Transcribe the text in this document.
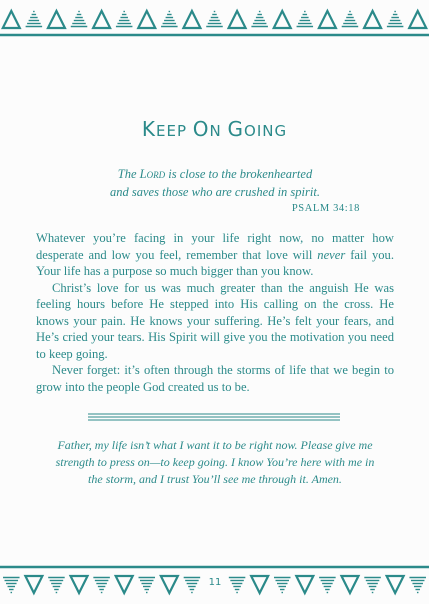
KEEP ON GOING
The Lord is close to the brokenhearted
and saves those who are crushed in spirit.
PSALM 34:18

Whatever you’re facing in your life right now, no matter how desperate and low you feel, remember that love will never fail you. Your life has a purpose so much bigger than you know.

Christ’s love for us was much greater than the anguish He was feeling hours before He stepped into His calling on the cross. He knows your pain. He knows your suffering. He’s felt your fears, and He’s cried your tears. His Spirit will give you the motivation you need to keep going.

Never forget: it’s often through the storms of life that we begin to grow into the people God created us to be.

Father, my life isn’t what I want it to be right now. Please give me strength to press on—to keep going. I know You’re here with me in the storm, and I trust You’ll see me through it. Amen.
11
